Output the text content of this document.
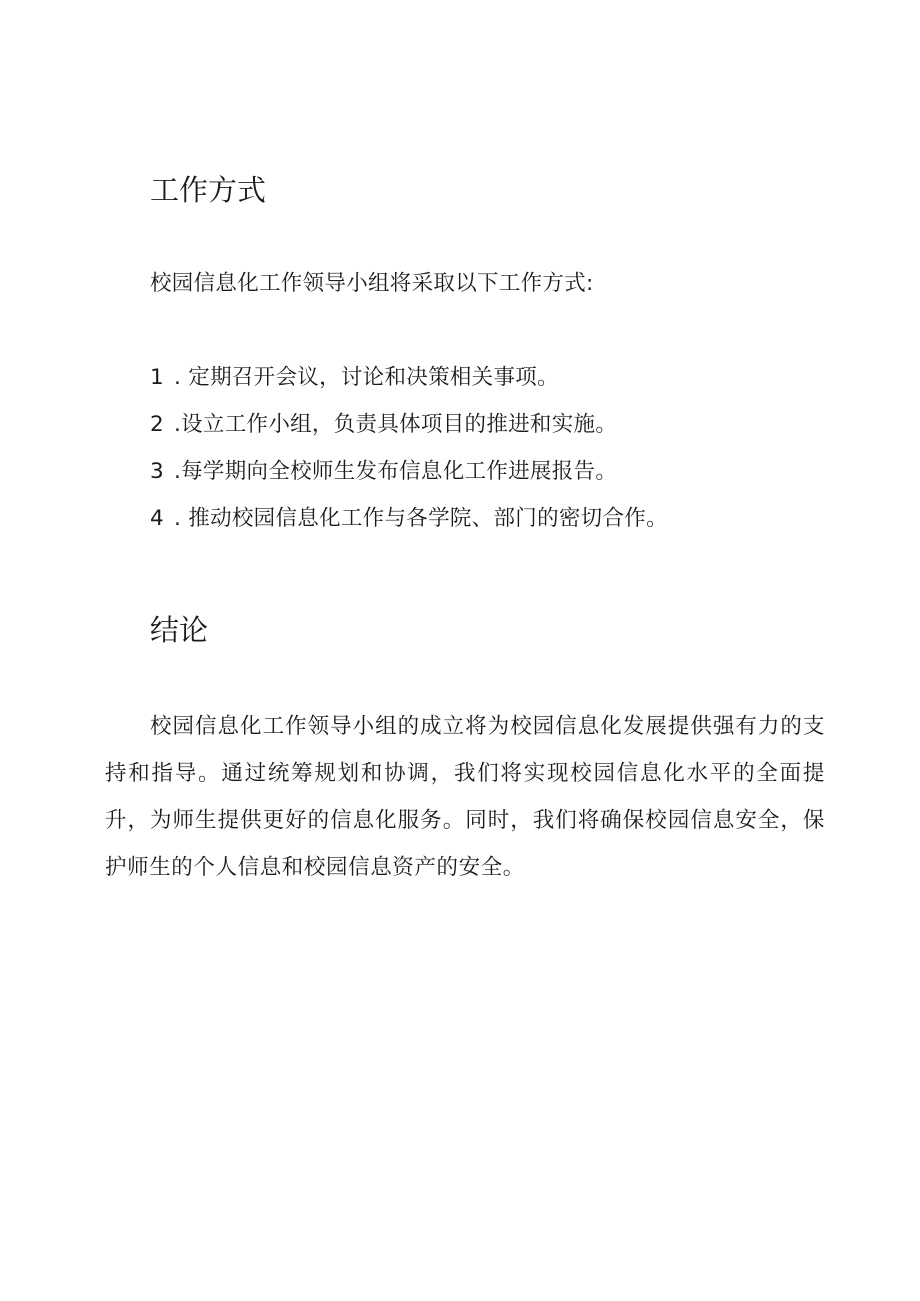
工作方式

校园信息化工作领导小组将采取以下工作方式:

1 . 定期召开会议，讨论和决策相关事项。
2 .设立工作小组，负责具体项目的推进和实施。
3 .每学期向全校师生发布信息化工作进展报告。
4 . 推动校园信息化工作与各学院、部门的密切合作。
结论

校园信息化工作领导小组的成立将为校园信息化发展提供强有力的支持和指导。通过统筹规划和协调，我们将实现校园信息化水平的全面提升，为师生提供更好的信息化服务。同时，我们将确保校园信息安全，保护师生的个人信息和校园信息资产的安全。
